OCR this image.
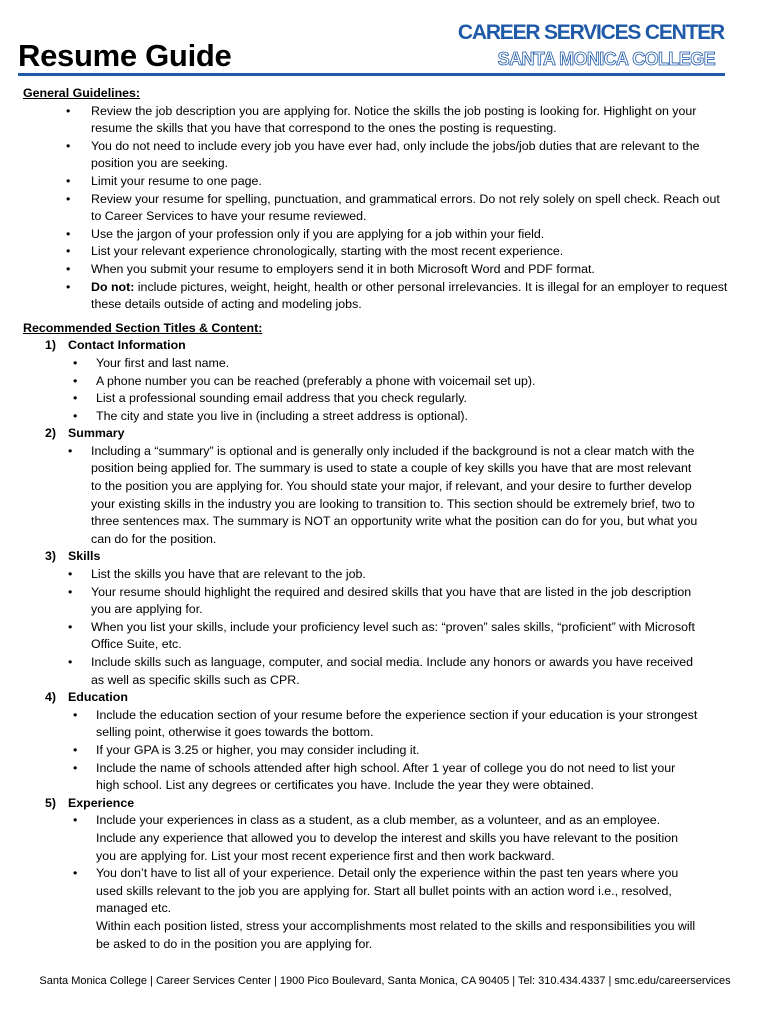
Resume Guide
CAREER SERVICES CENTER
SANTA MONICA COLLEGE
General Guidelines:
• Review the job description you are applying for. Notice the skills the job posting is looking for. Highlight on your resume the skills that you have that correspond to the ones the posting is requesting.
• You do not need to include every job you have ever had, only include the jobs/job duties that are relevant to the position you are seeking.
• Limit your resume to one page.
• Review your resume for spelling, punctuation, and grammatical errors. Do not rely solely on spell check. Reach out to Career Services to have your resume reviewed.
• Use the jargon of your profession only if you are applying for a job within your field.
• List your relevant experience chronologically, starting with the most recent experience.
• When you submit your resume to employers send it in both Microsoft Word and PDF format.
• Do not: include pictures, weight, height, health or other personal irrelevancies. It is illegal for an employer to request these details outside of acting and modeling jobs.
Recommended Section Titles & Content:
1) Contact Information
• Your first and last name.
• A phone number you can be reached (preferably a phone with voicemail set up).
• List a professional sounding email address that you check regularly.
• The city and state you live in (including a street address is optional).
2) Summary
• Including a “summary” is optional and is generally only included if the background is not a clear match with the position being applied for. The summary is used to state a couple of key skills you have that are most relevant to the position you are applying for. You should state your major, if relevant, and your desire to further develop your existing skills in the industry you are looking to transition to. This section should be extremely brief, two to three sentences max. The summary is NOT an opportunity write what the position can do for you, but what you can do for the position.
3) Skills
• List the skills you have that are relevant to the job.
• Your resume should highlight the required and desired skills that you have that are listed in the job description you are applying for.
• When you list your skills, include your proficiency level such as: “proven” sales skills, “proficient” with Microsoft Office Suite, etc.
• Include skills such as language, computer, and social media. Include any honors or awards you have received as well as specific skills such as CPR.
4) Education
• Include the education section of your resume before the experience section if your education is your strongest selling point, otherwise it goes towards the bottom.
• If your GPA is 3.25 or higher, you may consider including it.
• Include the name of schools attended after high school. After 1 year of college you do not need to list your high school. List any degrees or certificates you have. Include the year they were obtained.
5) Experience
• Include your experiences in class as a student, as a club member, as a volunteer, and as an employee. Include any experience that allowed you to develop the interest and skills you have relevant to the position you are applying for. List your most recent experience first and then work backward.
• You don’t have to list all of your experience. Detail only the experience within the past ten years where you used skills relevant to the job you are applying for. Start all bullet points with an action word i.e., resolved, managed etc.
Within each position listed, stress your accomplishments most related to the skills and responsibilities you will be asked to do in the position you are applying for.
Santa Monica College | Career Services Center | 1900 Pico Boulevard, Santa Monica, CA 90405 | Tel: 310.434.4337 | smc.edu/careerservices
